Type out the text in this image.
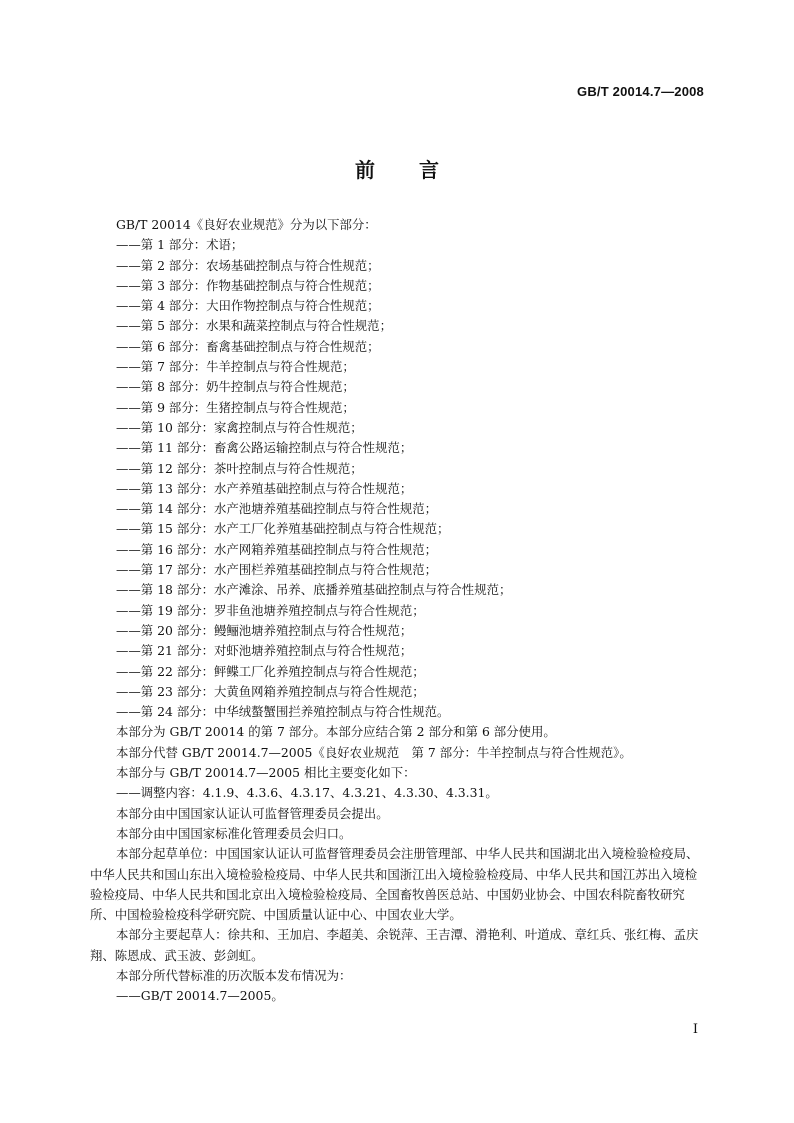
GB/T 20014.7—2008
前言

GB/T 20014《良好农业规范》分为以下部分：

——第 1 部分：术语；
——第 2 部分：农场基础控制点与符合性规范；
——第 3 部分：作物基础控制点与符合性规范；
——第 4 部分：大田作物控制点与符合性规范；
——第 5 部分：水果和蔬菜控制点与符合性规范；
——第 6 部分：畜禽基础控制点与符合性规范；
——第 7 部分：牛羊控制点与符合性规范；
——第 8 部分：奶牛控制点与符合性规范；
——第 9 部分：生猪控制点与符合性规范；
——第 10 部分：家禽控制点与符合性规范；
——第 11 部分：畜禽公路运输控制点与符合性规范；
——第 12 部分：茶叶控制点与符合性规范；
——第 13 部分：水产养殖基础控制点与符合性规范；
——第 14 部分：水产池塘养殖基础控制点与符合性规范；
——第 15 部分：水产工厂化养殖基础控制点与符合性规范；
——第 16 部分：水产网箱养殖基础控制点与符合性规范；
——第 17 部分：水产围栏养殖基础控制点与符合性规范；
——第 18 部分：水产滩涂、吊养、底播养殖基础控制点与符合性规范；
——第 19 部分：罗非鱼池塘养殖控制点与符合性规范；
——第 20 部分：鳗鲡池塘养殖控制点与符合性规范；
——第 21 部分：对虾池塘养殖控制点与符合性规范；
——第 22 部分：鲆鲽工厂化养殖控制点与符合性规范；
——第 23 部分：大黄鱼网箱养殖控制点与符合性规范；
——第 24 部分：中华绒螯蟹围拦养殖控制点与符合性规范。

本部分为 GB/T 20014 的第 7 部分。本部分应结合第 2 部分和第 6 部分使用。

本部分代替 GB/T 20014.7—2005《良好农业规范　第 7 部分：牛羊控制点与符合性规范》。

本部分与 GB/T 20014.7—2005 相比主要变化如下：

——调整内容：4.1.9、4.3.6、4.3.17、4.3.21、4.3.30、4.3.31。

本部分由中国国家认证认可监督管理委员会提出。

本部分由中国国家标准化管理委员会归口。

本部分起草单位：中国国家认证认可监督管理委员会注册管理部、中华人民共和国湖北出入境检验检疫局、中华人民共和国山东出入境检验检疫局、中华人民共和国浙江出入境检验检疫局、中华人民共和国江苏出入境检验检疫局、中华人民共和国北京出入境检验检疫局、全国畜牧兽医总站、中国奶业协会、中国农科院畜牧研究所、中国检验检疫科学研究院、中国质量认证中心、中国农业大学。

本部分主要起草人：徐共和、王加启、李超美、余锐萍、王吉潭、滑艳利、叶道成、章红兵、张红梅、孟庆翔、陈恩成、武玉波、彭剑虹。

本部分所代替标准的历次版本发布情况为：

——GB/T 20014.7—2005。

I
